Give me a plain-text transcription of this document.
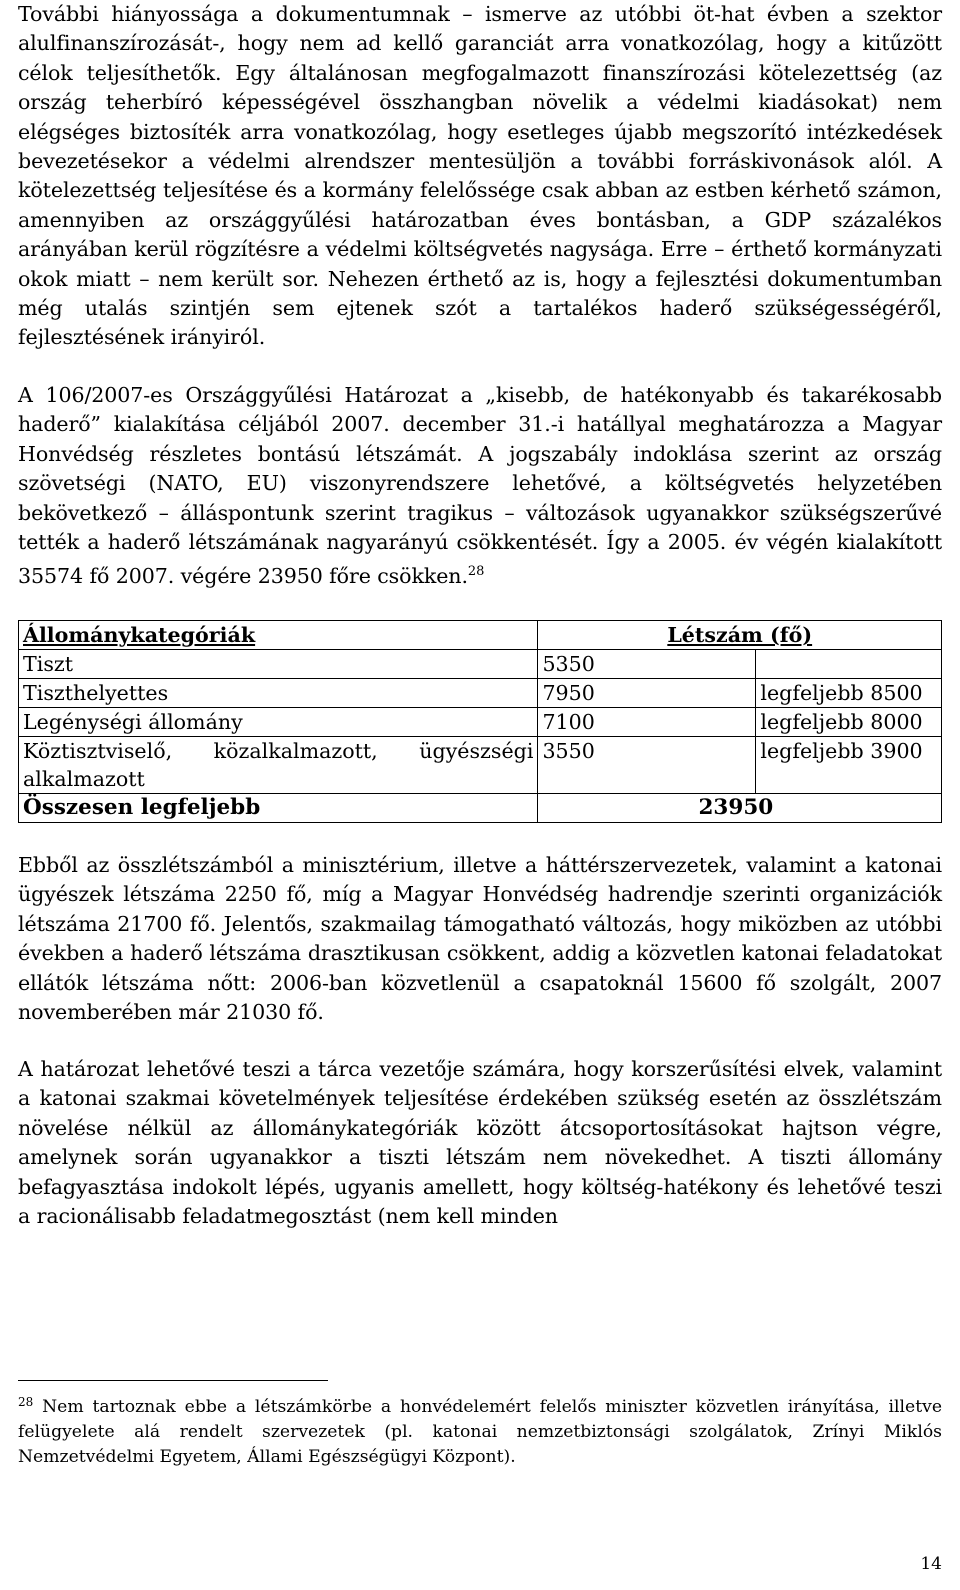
További hiányossága a dokumentumnak – ismerve az utóbbi öt-hat évben a szektor alulfinanszírozását-, hogy nem ad kellő garanciát arra vonatkozólag, hogy a kitűzött célok teljesíthetők. Egy általánosan megfogalmazott finanszírozási kötelezettség (az ország teherbíró képességével összhangban növelik a védelmi kiadásokat) nem elégséges biztosíték arra vonatkozólag, hogy esetleges újabb megszorító intézkedések bevezetésekor a védelmi alrendszer mentesüljön a további forráskivonások alól. A kötelezettség teljesítése és a kormány felelőssége csak abban az estben kérhető számon, amennyiben az országgyűlési határozatban éves bontásban, a GDP százalékos arányában kerül rögzítésre a védelmi költségvetés nagysága. Erre – érthető kormányzati okok miatt – nem került sor. Nehezen érthető az is, hogy a fejlesztési dokumentumban még utalás szintjén sem ejtenek szót a tartalékos haderő szükségességéről, fejlesztésének irányiról.

Állománykategóriák	Létszám (fő)	
Tiszt	5350	
Tiszthelyettes	7950	legfeljebb 8500
Legénységi állomány	7100	legfeljebb 8000
Köztisztviselő, közalkalmazott, ügyészségi alkalmazott	3550	legfeljebb 3900
Összesen legfeljebb	23950	

A 106/2007-es Országgyűlési Határozat a „kisebb, de hatékonyabb és takarékosabb haderő” kialakítása céljából 2007. december 31.-i hatállyal meghatározza a Magyar Honvédség részletes bontású létszámát. A jogszabály indoklása szerint az ország szövetségi (NATO, EU) viszonyrendszere lehetővé, a költségvetés helyzetében bekövetkező – álláspontunk szerint tragikus – változások ugyanakkor szükségszerűvé tették a haderő létszámának nagyarányú csökkentését. Így a 2005. év végén kialakított 35574 fő 2007. végére 23950 főre csökken.$^{28}$

Ebből az összlétszámból a minisztérium, illetve a háttérszervezetek, valamint a katonai ügyészek létszáma 2250 fő, míg a Magyar Honvédség hadrendje szerinti organizációk létszáma 21700 fő. Jelentős, szakmailag támogatható változás, hogy miközben az utóbbi években a haderő létszáma drasztikusan csökkent, addig a közvetlen katonai feladatokat ellátók létszáma nőtt: 2006-ban közvetlenül a csapatoknál 15600 fő szolgált, 2007 novemberében már 21030 fő.

A határozat lehetővé teszi a tárca vezetője számára, hogy korszerűsítési elvek, valamint a katonai szakmai követelmények teljesítése érdekében szükség esetén az összlétszám növelése nélkül az állománykategóriák között átcsoportosításokat hajtson végre, amelynek során ugyanakkor a tiszti létszám nem növekedhet. A tiszti állomány befagyasztása indokolt lépés, ugyanis amellett, hogy költség-hatékony és lehetővé teszi a racionálisabb feladatmegosztást (nem kell minden

$^{28}$ Nem tartoznak ebbe a létszámkörbe a honvédelemért felelős miniszter közvetlen irányítása, illetve felügyelete alá rendelt szervezetek (pl. katonai nemzetbiztonsági szolgálatok, Zrínyi Miklós Nemzetvédelmi Egyetem, Állami Egészségügyi Központ).

14
